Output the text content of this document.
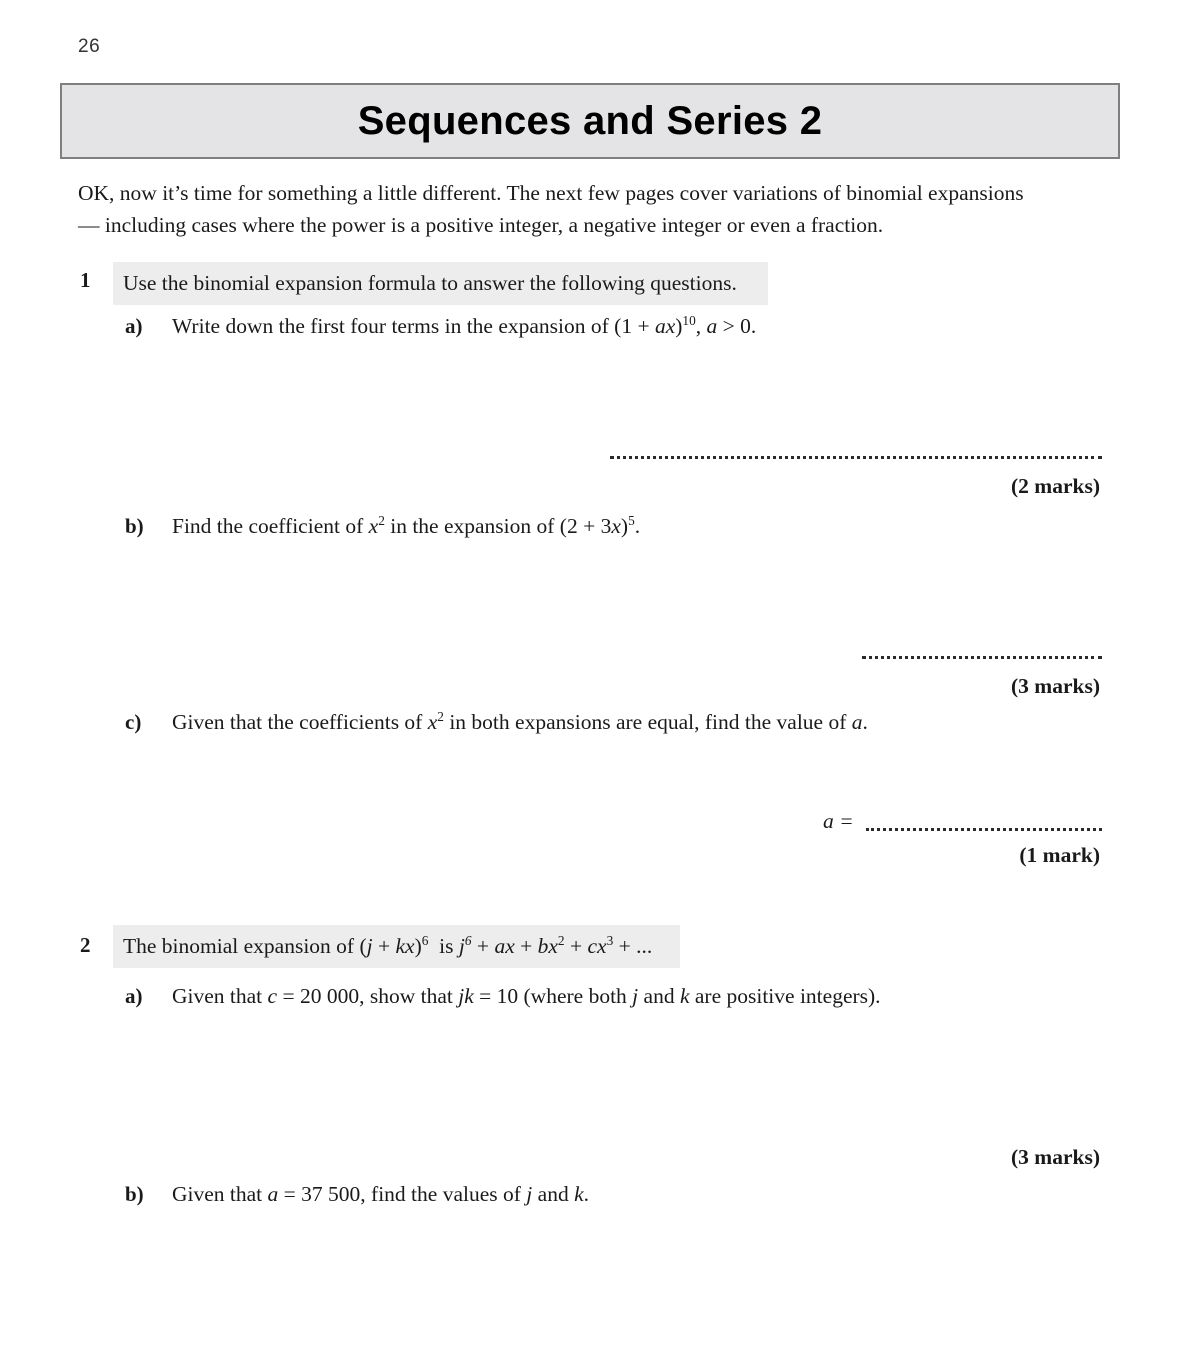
26
Sequences and Series 2
OK, now it’s time for something a little different. The next few pages cover variations of binomial expansions
— including cases where the power is a positive integer, a negative integer or even a fraction.
1	Use the binomial expansion formula to answer the following questions.
a) Write down the first four terms in the expansion of (1 + ax)$^{10}$, a > 0.
(2 marks)
b) Find the coefficient of $x^2$ in the expansion of $(2 + 3x)^5$.
(3 marks)
c) Given that the coefficients of $x^2$ in both expansions are equal, find the value of a.
a =
(1 mark)
2	The binomial expansion of (j + kx)$^6$  is $j^6$ + ax + $bx^2 + cx^3$ + ...
a) Given that c = 20 000, show that jk = 10 (where both j and k are positive integers).
(3 marks)
b) Given that a = 37 500, find the values of j and k.
